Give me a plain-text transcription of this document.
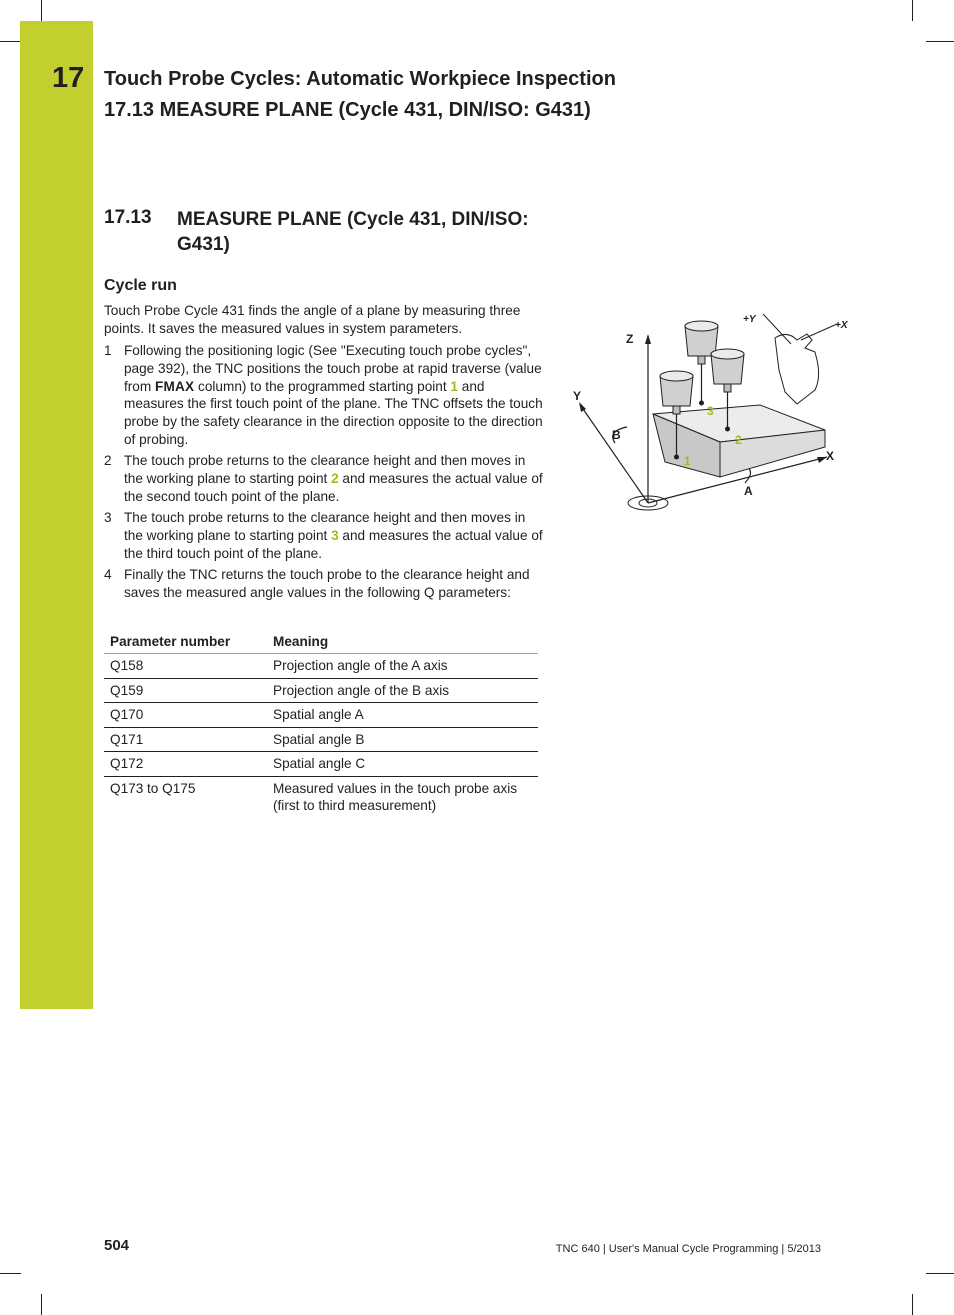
17 Touch Probe Cycles: Automatic Workpiece Inspection
17.13 MEASURE PLANE (Cycle 431, DIN/ISO: G431)
17.13 MEASURE PLANE (Cycle 431, DIN/ISO: G431)
Cycle run

Touch Probe Cycle 431 finds the angle of a plane by measuring three points. It saves the measured values in system parameters.

1 Following the positioning logic (See "Executing touch probe cycles", page 392), the TNC positions the touch probe at rapid traverse (value from FMAX column) to the programmed starting point 1 and measures the first touch point of the plane. The TNC offsets the touch probe by the safety clearance in the direction opposite to the direction of probing.
2 The touch probe returns to the clearance height and then moves in the working plane to starting point 2 and measures the actual value of the second touch point of the plane.
3 The touch probe returns to the clearance height and then moves in the working plane to starting point 3 and measures the actual value of the third touch point of the plane.
4 Finally the TNC returns the touch probe to the clearance height and saves the measured angle values in the following Q parameters:
Parameter number	Meaning
Q158	Projection angle of the A axis
Q159	Projection angle of the B axis
Q170	Spatial angle A
Q171	Spatial angle B
Q172	Spatial angle C
Q173 to Q175	Measured values in the touch probe axis (first to third measurement)
Z
Y
X
A
B
1
2
3
+Y
+X
504	TNC 640 | User's Manual Cycle Programming | 5/2013
